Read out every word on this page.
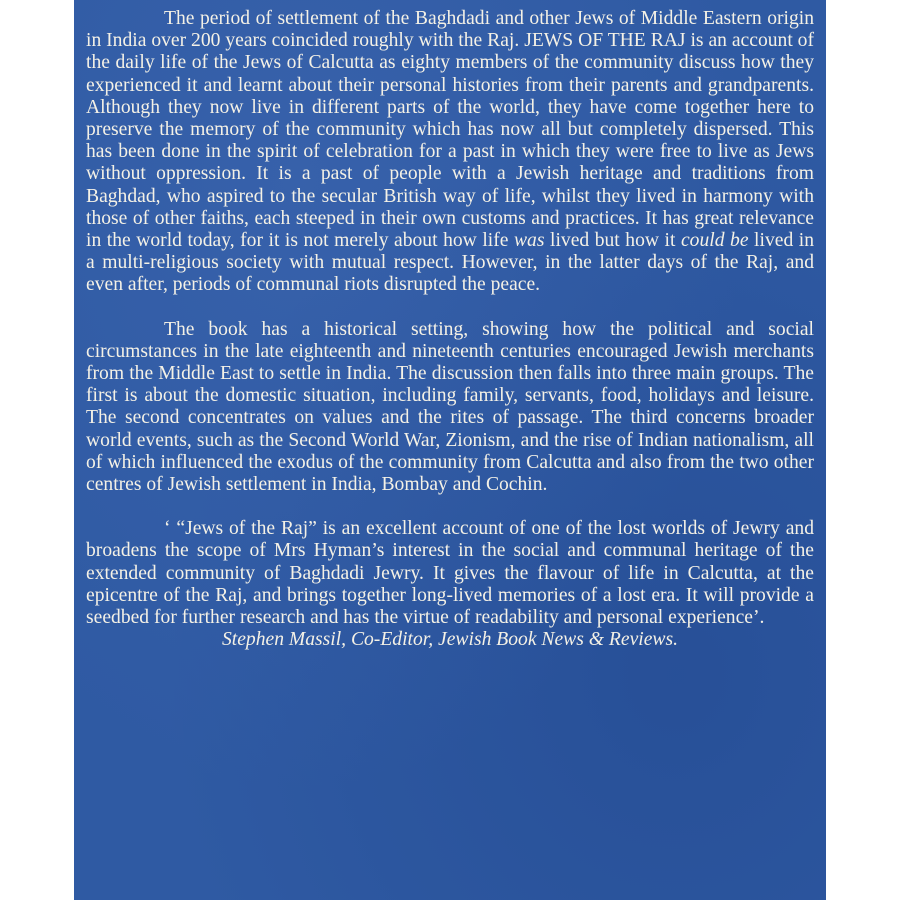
The period of settlement of the Baghdadi and other Jews of Middle Eastern origin in India over 200 years coincided roughly with the Raj. JEWS OF THE RAJ is an account of the daily life of the Jews of Calcutta as eighty members of the community discuss how they experienced it and learnt about their personal histories from their parents and grandparents. Although they now live in different parts of the world, they have come together here to preserve the memory of the community which has now all but completely dispersed. This has been done in the spirit of celebration for a past in which they were free to live as Jews without oppression. It is a past of people with a Jewish heritage and traditions from Baghdad, who aspired to the secular British way of life, whilst they lived in harmony with those of other faiths, each steeped in their own customs and practices. It has great relevance in the world today, for it is not merely about how life was lived but how it could be lived in a multi-religious society with mutual respect. However, in the latter days of the Raj, and even after, periods of communal riots disrupted the peace.

The book has a historical setting, showing how the political and social circumstances in the late eighteenth and nineteenth centuries encouraged Jewish merchants from the Middle East to settle in India. The discussion then falls into three main groups. The first is about the domestic situation, including family, servants, food, holidays and leisure. The second concentrates on values and the rites of passage. The third concerns broader world events, such as the Second World War, Zionism, and the rise of Indian nationalism, all of which influenced the exodus of the community from Calcutta and also from the two other centres of Jewish settlement in India, Bombay and Cochin.

‘ “Jews of the Raj” is an excellent account of one of the lost worlds of Jewry and broadens the scope of Mrs Hyman’s interest in the social and communal heritage of the extended community of Baghdadi Jewry. It gives the flavour of life in Calcutta, at the epicentre of the Raj, and brings together long-lived memories of a lost era. It will provide a seedbed for further research and has the virtue of readability and personal experience’.

Stephen Massil, Co-Editor, Jewish Book News & Reviews.
